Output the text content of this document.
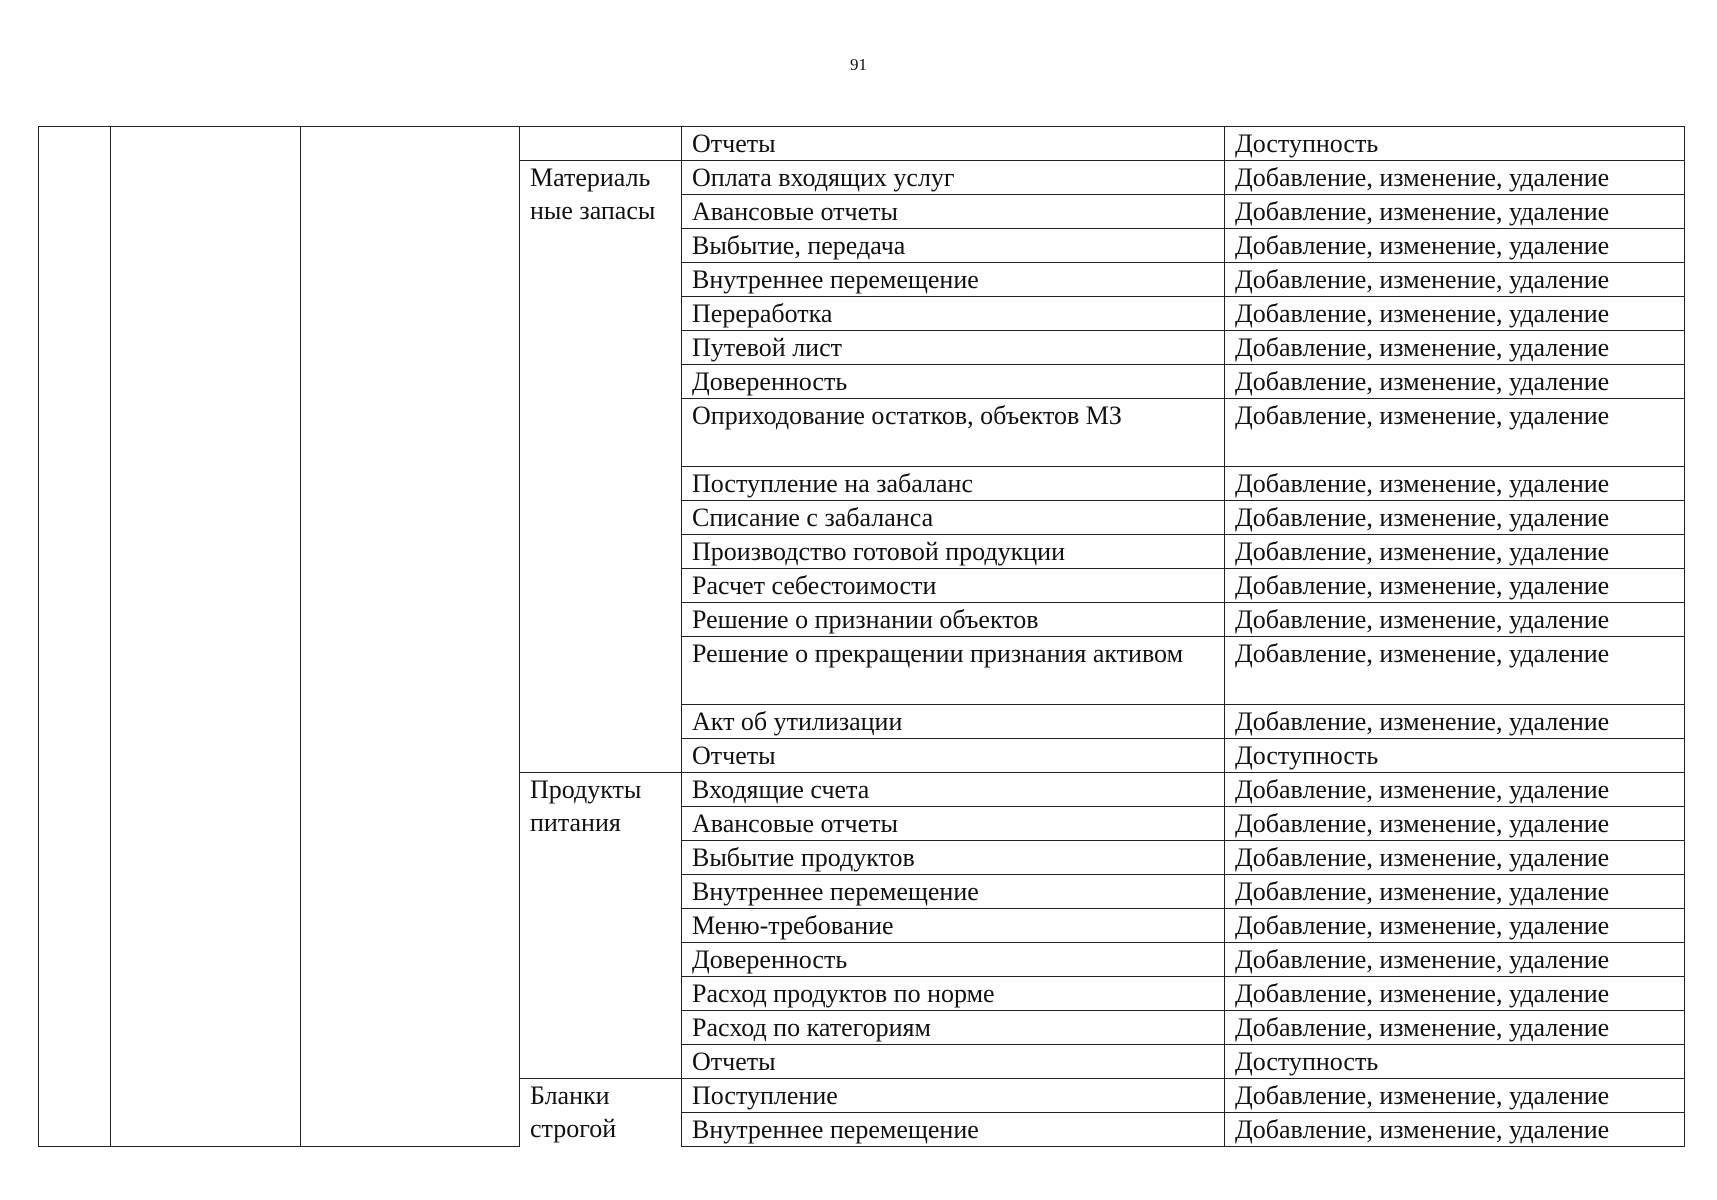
91
				Отчеты	Доступность
			Материаль ные запасы	Оплата входящих услуг	Добавление, изменение, удаление
				Авансовые отчеты	Добавление, изменение, удаление
				Выбытие, передача	Добавление, изменение, удаление
				Внутреннее перемещение	Добавление, изменение, удаление
				Переработка	Добавление, изменение, удаление
				Путевой лист	Добавление, изменение, удаление
				Доверенность	Добавление, изменение, удаление
				Оприходование остатков, объектов МЗ	Добавление, изменение, удаление
				Поступление на забаланс	Добавление, изменение, удаление
				Списание с забаланса	Добавление, изменение, удаление
				Производство готовой продукции	Добавление, изменение, удаление
				Расчет себестоимости	Добавление, изменение, удаление
				Решение о признании объектов	Добавление, изменение, удаление
				Решение о прекращении признания активом	Добавление, изменение, удаление
				Акт об утилизации	Добавление, изменение, удаление
				Отчеты	Доступность
			Продукты питания	Входящие счета	Добавление, изменение, удаление
				Авансовые отчеты	Добавление, изменение, удаление
				Выбытие продуктов	Добавление, изменение, удаление
				Внутреннее перемещение	Добавление, изменение, удаление
				Меню-требование	Добавление, изменение, удаление
				Доверенность	Добавление, изменение, удаление
				Расход продуктов по норме	Добавление, изменение, удаление
				Расход по категориям	Добавление, изменение, удаление
				Отчеты	Доступность
			Бланки строгой	Поступление	Добавление, изменение, удаление
				Внутреннее перемещение	Добавление, изменение, удаление
